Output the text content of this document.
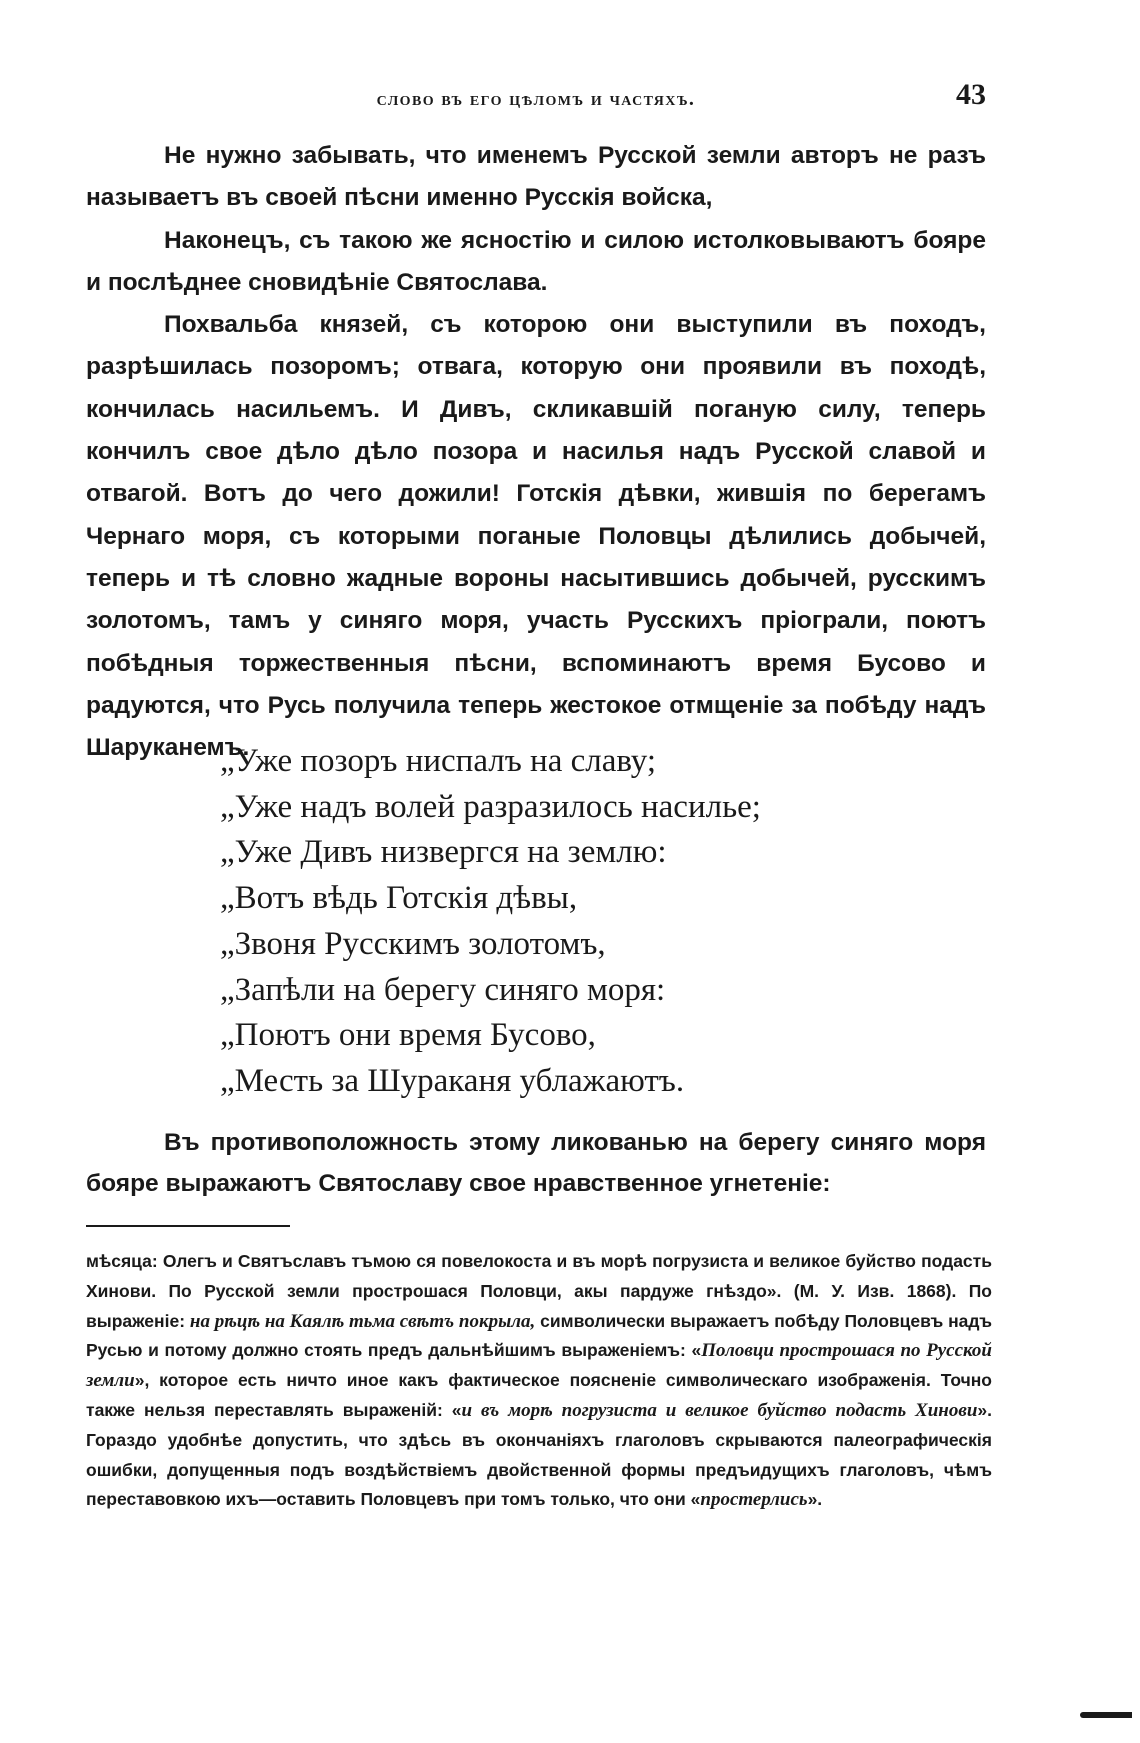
слово въ его цѣломъ и частяхъ.	43

Не нужно забывать, что именемъ Русской земли авторъ не разъ называетъ въ своей пѣсни именно Русскія войска,

Наконецъ, съ такою же ясностію и силою истолковываютъ бояре и послѣднее сновидѣніе Святослава.

Похвальба князей, съ которою они выступили въ походъ, разрѣшилась позоромъ; отвага, которую они проявили въ походѣ, кончилась насильемъ. И Дивъ, скликавшій поганую силу, теперь кончилъ свое дѣло дѣло позора и насилья надъ Русской славой и отвагой. Вотъ до чего дожили! Готскія дѣвки, жившія по берегамъ Чернаго моря, съ которыми поганые Половцы дѣлились добычей, теперь и тѣ словно жадные вороны насытившись добычей, русскимъ золотомъ, тамъ у синяго моря, участь Русскихъ пріограли, поютъ побѣдныя торжественныя пѣсни, вспоминаютъ время Бусово и радуются, что Русь получила теперь жестокое отмщеніе за побѣду надъ Шаруканемъ.

„Уже позоръ ниспалъ на славу;
„Уже надъ волей разразилось насилье;
„Уже Дивъ низвергся на землю:
„Вотъ вѣдь Готскія дѣвы,
„Звоня Русскимъ золотомъ,
„Запѣли на берегу синяго моря:
„Поютъ они время Бусово,
„Месть за Шураканя ублажаютъ.

Въ противоположность этому ликованью на берегу синяго моря бояре выражаютъ Святославу свое нравственное угнетеніе:

мѣсяца: Олегъ и Святъславъ тъмою ся повелокоста и въ морѣ погрузиста и великое буйство подасть Хинови. По Русской земли прострошася Половци, акы пардуже гнѣздо». (М. У. Изв. 1868). По выраженіе: на рѣцѣ на Каялѣ тьма свѣтъ покрыла, символически выражаетъ побѣду Половцевъ надъ Русью и потому должно стоять предъ дальнѣйшимъ выраженіемъ: «Половци прострошася по Русской земли», которое есть ничто иное какъ фактическое поясненіе символическаго изображенія. Точно также нельзя переставлять выраженій: «и въ морѣ погрузиста и великое буйство подасть Хинови». Гораздо удобнѣе допустить, что здѣсь въ окончаніяхъ глаголовъ скрываются палеографическія ошибки, допущенныя подъ воздѣйствіемъ двойственной формы предъидущихъ глаголовъ, чѣмъ переставовкою ихъ—оставить Половцевъ при томъ только, что они «простерлись».
